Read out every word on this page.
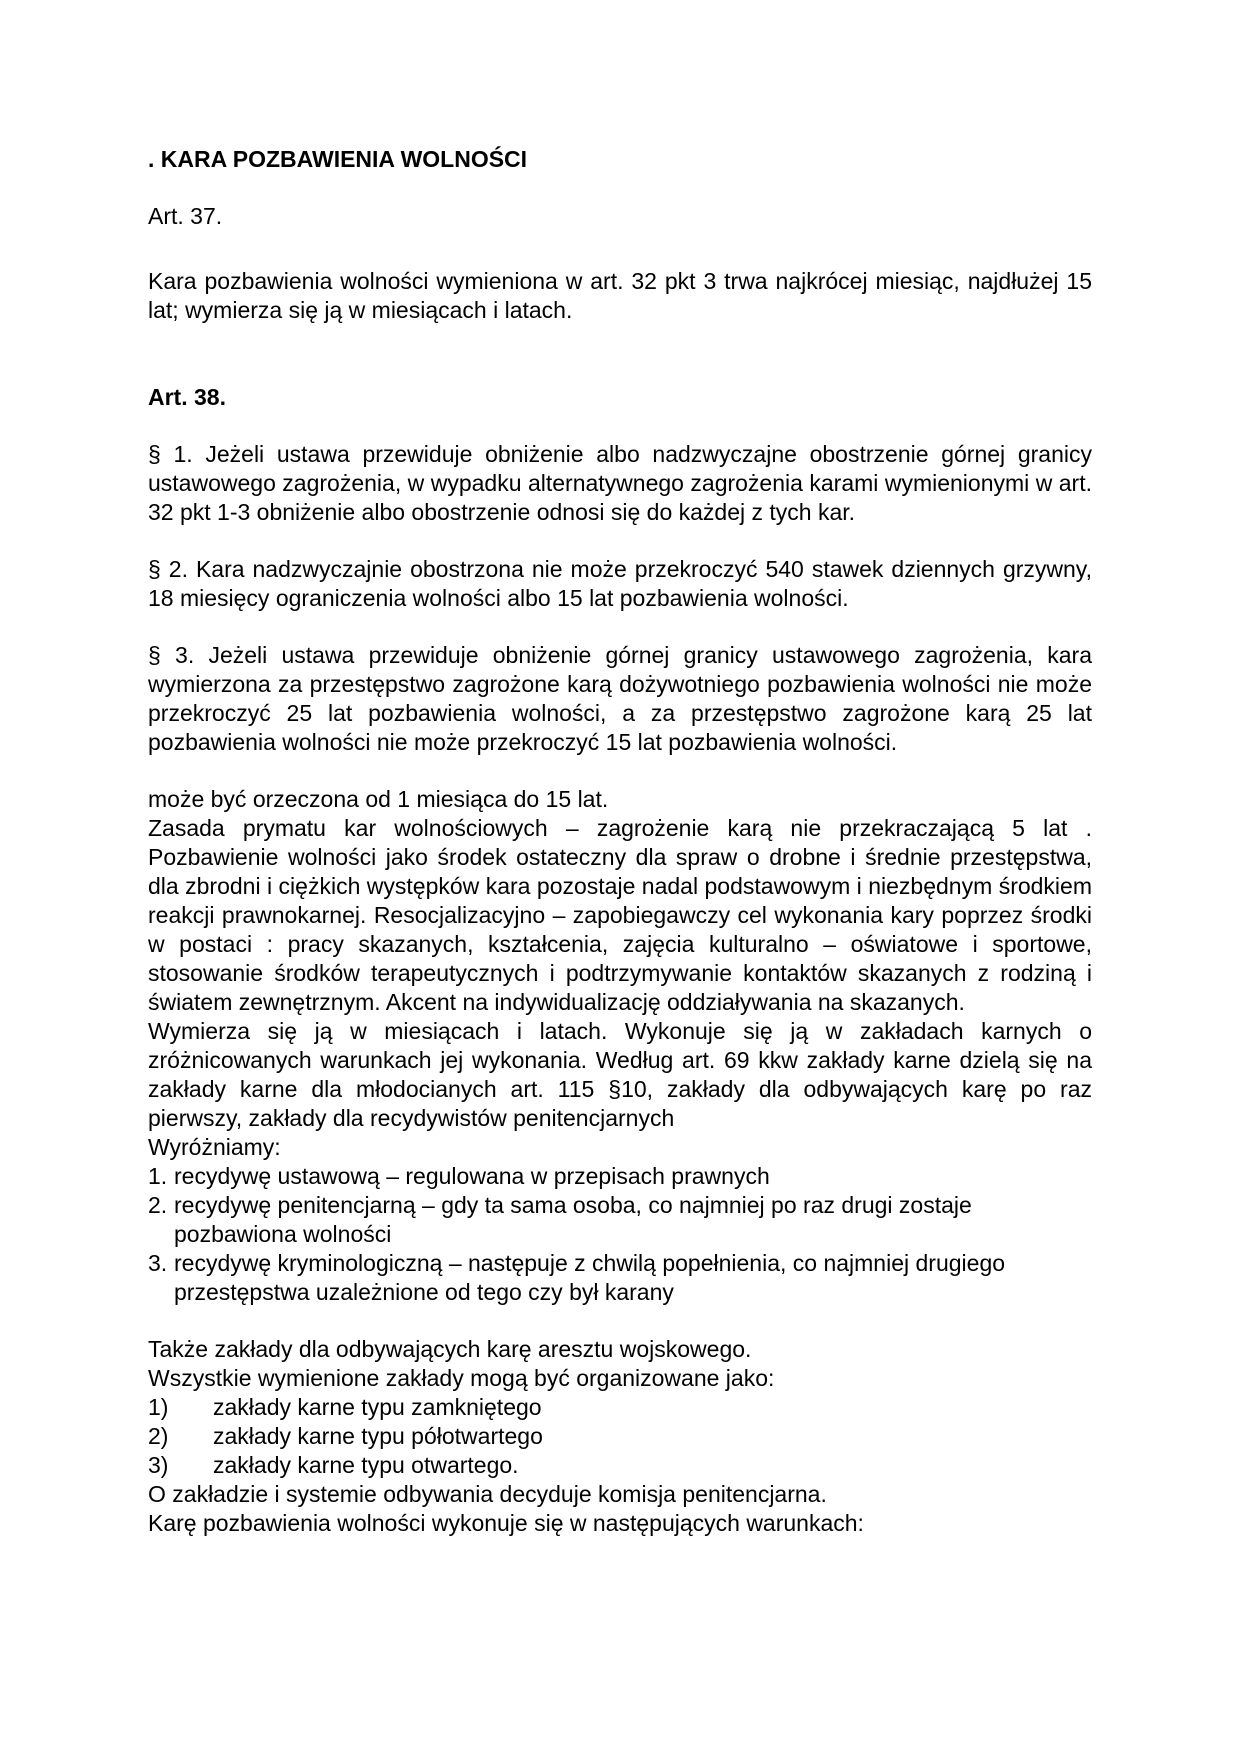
. KARA POZBAWIENIA WOLNOŚCI

Art. 37.

Kara pozbawienia wolności wymieniona w art. 32 pkt 3 trwa najkrócej miesiąc, najdłużej 15 lat; wymierza się ją w miesiącach i latach.

Art. 38.

§ 1. Jeżeli ustawa przewiduje obniżenie albo nadzwyczajne obostrzenie górnej granicy ustawowego zagrożenia, w wypadku alternatywnego zagrożenia karami wymienionymi w art. 32 pkt 1-3 obniżenie albo obostrzenie odnosi się do każdej z tych kar.

§ 2. Kara nadzwyczajnie obostrzona nie może przekroczyć 540 stawek dziennych grzywny, 18 miesięcy ograniczenia wolności albo 15 lat pozbawienia wolności.

§ 3. Jeżeli ustawa przewiduje obniżenie górnej granicy ustawowego zagrożenia, kara wymierzona za przestępstwo zagrożone karą dożywotniego pozbawienia wolności nie może przekroczyć 25 lat pozbawienia wolności, a za przestępstwo zagrożone karą 25 lat pozbawienia wolności nie może przekroczyć 15 lat pozbawienia wolności.

może być orzeczona od 1 miesiąca do 15 lat.

Zasada prymatu kar wolnościowych – zagrożenie karą nie przekraczającą 5 lat . Pozbawienie wolności jako środek ostateczny dla spraw o drobne i średnie przestępstwa, dla zbrodni i ciężkich występków kara pozostaje nadal podstawowym i niezbędnym środkiem reakcji prawnokarnej. Resocjalizacyjno – zapobiegawczy cel wykonania kary poprzez środki w postaci : pracy skazanych, kształcenia, zajęcia kulturalno – oświatowe i sportowe, stosowanie środków terapeutycznych i podtrzymywanie kontaktów skazanych z rodziną i światem zewnętrznym. Akcent na indywidualizację oddziaływania na skazanych.

Wymierza się ją w miesiącach i latach. Wykonuje się ją w zakładach karnych o zróżnicowanych warunkach jej wykonania. Według art. 69 kkw zakłady karne dzielą się na zakłady karne dla młodocianych art. 115 §10, zakłady dla odbywających karę po raz pierwszy, zakłady dla recydywistów penitencjarnych

Wyróżniamy:

1. recydywę ustawową – regulowana w przepisach prawnych
2. recydywę penitencjarną – gdy ta sama osoba, co najmniej po raz drugi zostaje pozbawiona wolności
3. recydywę kryminologiczną – następuje z chwilą popełnienia, co najmniej drugiego przestępstwa uzależnione od tego czy był karany

Także zakłady dla odbywających karę aresztu wojskowego.

Wszystkie wymienione zakłady mogą być organizowane jako:

1)	zakłady karne typu zamkniętego
2)	zakłady karne typu półotwartego
3)	zakłady karne typu otwartego.

O zakładzie i systemie odbywania decyduje komisja penitencjarna.

Karę pozbawienia wolności wykonuje się w następujących warunkach:
